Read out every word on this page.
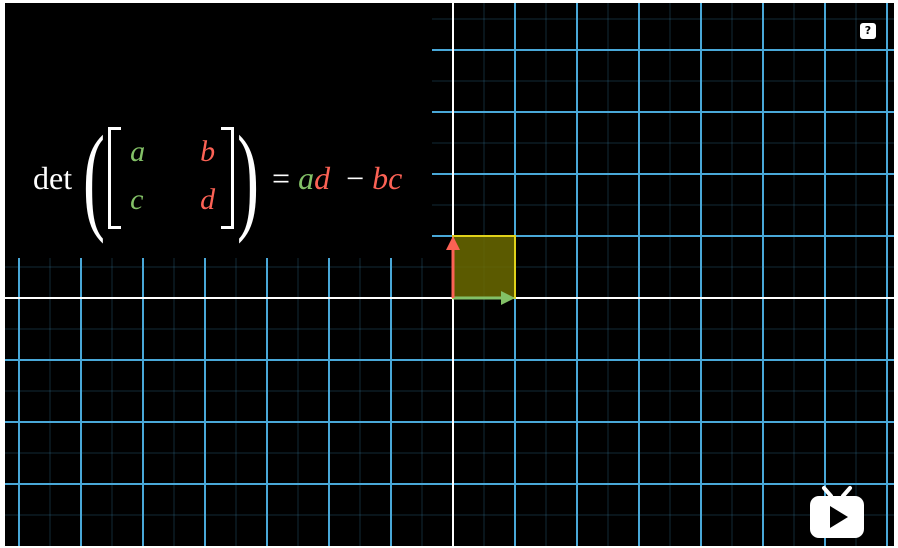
det ( a b
c d ) = ad − bc
?
